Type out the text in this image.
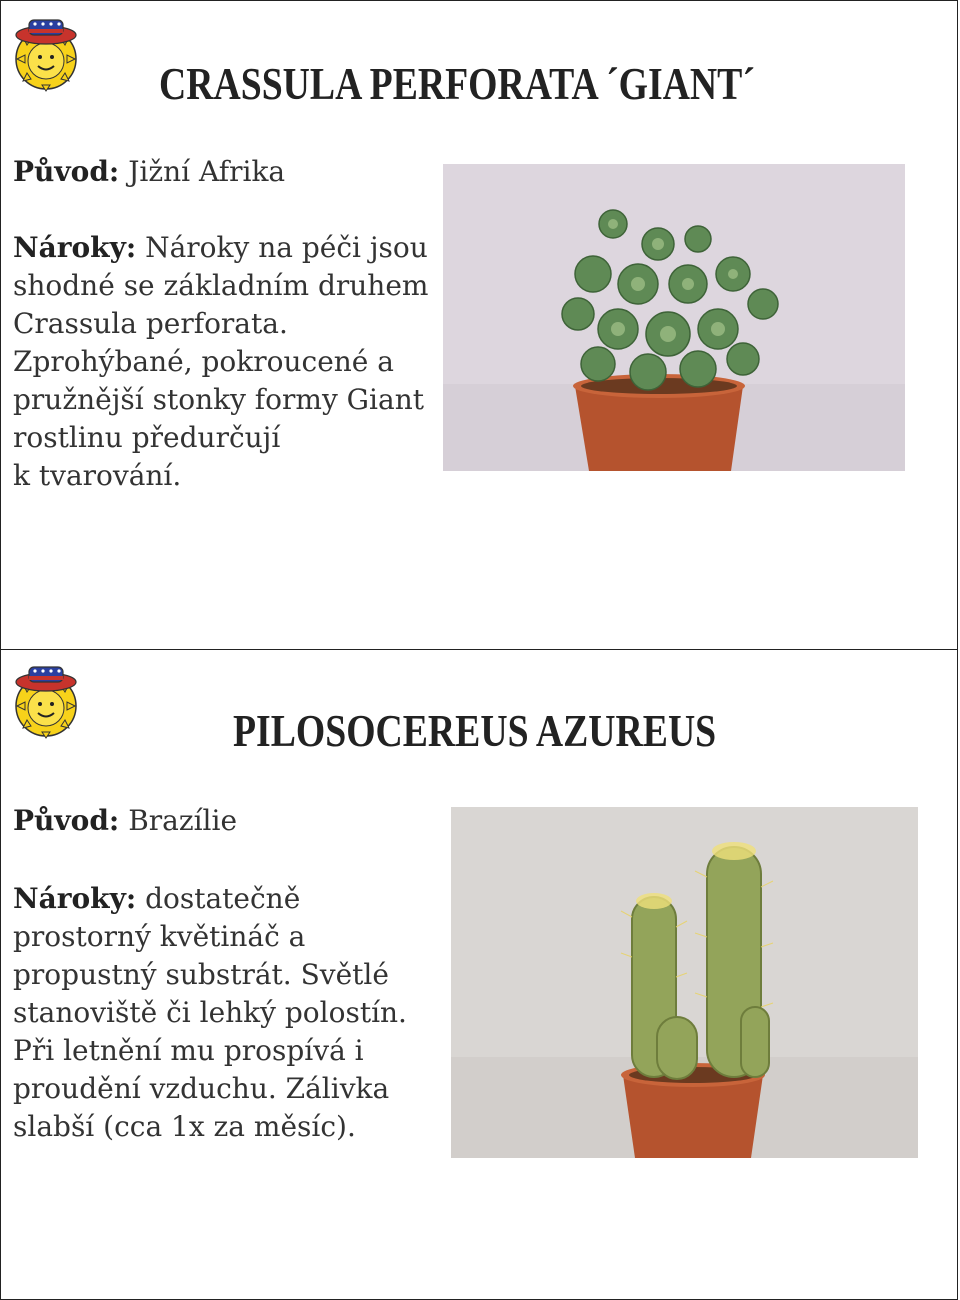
CRASSULA PERFORATA ´GIANT´
Původ: Jižní Afrika
Nároky: Nároky na péči jsou
shodné se základním druhem
Crassula perforata.
Zprohýbané, pokroucené a
pružnější stonky formy Giant
rostlinu předurčují
k tvarování.
PILOSOCEREUS AZUREUS
Původ: Brazílie
Nároky: dostatečně
prostorný květináč a
propustný substrát. Světlé
stanoviště či lehký polostín.
Při letnění mu prospívá i
proudění vzduchu. Zálivka
slabší (cca 1x za měsíc).
